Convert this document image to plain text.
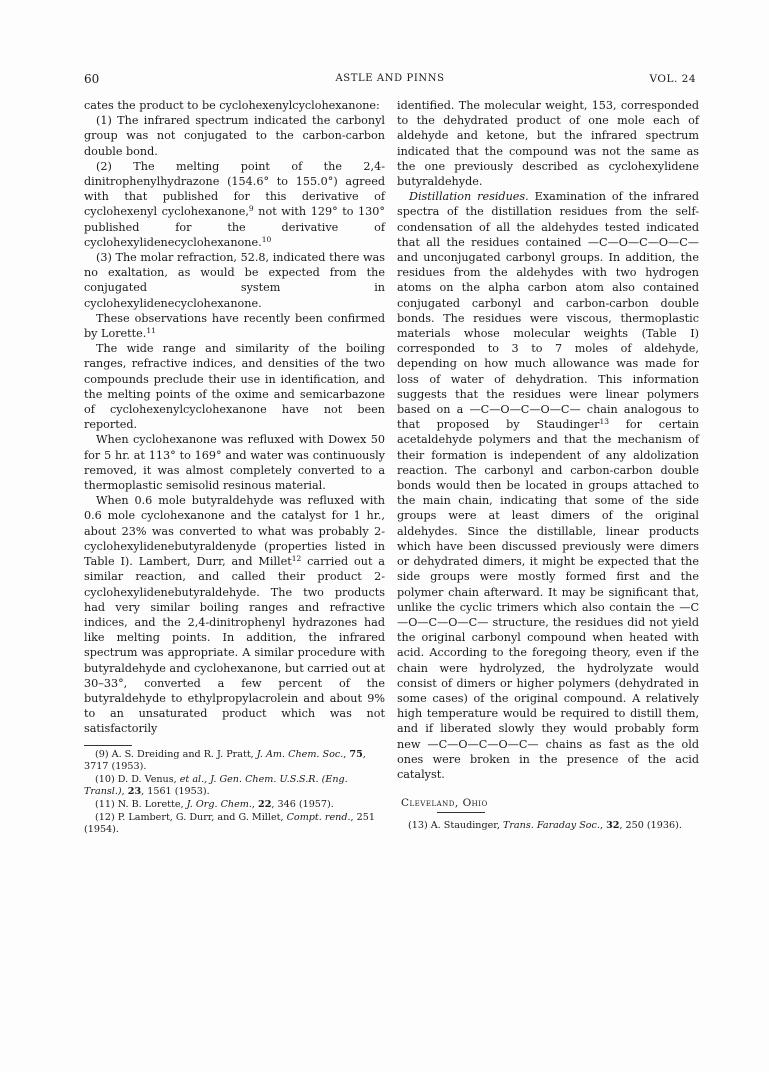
60	ASTLE AND PINNS	VOL. 24

cates the product to be cyclohexenylcyclohexanone:

(1) The infrared spectrum indicated the carbonyl group was not conjugated to the carbon-carbon double bond.

(2) The melting point of the 2,4-dinitrophenylhydrazone (154.6° to 155.0°) agreed with that published for this derivative of cyclohexenyl cyclohexanone,$^9$ not with 129° to 130° published for the derivative of cyclohexylidenecyclohexanone.$^{10}$

(3) The molar refraction, 52.8, indicated there was no exaltation, as would be expected from the conjugated system in cyclohexylidenecyclohexanone.

These observations have recently been confirmed by Lorette.$^{11}$

The wide range and similarity of the boiling ranges, refractive indices, and densities of the two compounds preclude their use in identification, and the melting points of the oxime and semicarbazone of cyclohexenylcyclohexanone have not been reported.

When cyclohexanone was refluxed with Dowex 50 for 5 hr. at 113° to 169° and water was continuously removed, it was almost completely converted to a thermoplastic semisolid resinous material.

When 0.6 mole butyraldehyde was refluxed with 0.6 mole cyclohexanone and the catalyst for 1 hr., about 23% was converted to what was probably 2-cyclohexylidenebutyraldenyde (properties listed in Table I). Lambert, Durr, and Millet$^{12}$ carried out a similar reaction, and called their product 2-cyclohexylidenebutyraldehyde. The two products had very similar boiling ranges and refractive indices, and the 2,4-dinitrophenyl hydrazones had like melting points. In addition, the infrared spectrum was appropriate. A similar procedure with butyraldehyde and cyclohexanone, but carried out at 30–33°, converted a few percent of the butyraldehyde to ethylpropylacrolein and about 9% to an unsaturated product which was not satisfactorily

(9) A. S. Dreiding and R. J. Pratt, J. Am. Chem. Soc., 75, 3717 (1953).

(10) D. D. Venus, et al., J. Gen. Chem. U.S.S.R. (Eng. Transl.), 23, 1561 (1953).

(11) N. B. Lorette, J. Org. Chem., 22, 346 (1957).

(12) P. Lambert, G. Durr, and G. Millet, Compt. rend., 251 (1954).

identified. The molecular weight, 153, corresponded to the dehydrated product of one mole each of aldehyde and ketone, but the infrared spectrum indicated that the compound was not the same as the one previously described as cyclohexylidene butyraldehyde.

Distillation residues. Examination of the infrared spectra of the distillation residues from the self-condensation of all the aldehydes tested indicated that all the residues contained —C—O—C—O—C— and unconjugated carbonyl groups. In addition, the residues from the aldehydes with two hydrogen atoms on the alpha carbon atom also contained conjugated carbonyl and carbon-carbon double bonds. The residues were viscous, thermoplastic materials whose molecular weights (Table I) corresponded to 3 to 7 moles of aldehyde, depending on how much allowance was made for loss of water of dehydration. This information suggests that the residues were linear polymers based on a —C—O—C—O—C— chain analogous to that proposed by Staudinger$^{13}$ for certain acetaldehyde polymers and that the mechanism of their formation is independent of any aldolization reaction. The carbonyl and carbon-carbon double bonds would then be located in groups attached to the main chain, indicating that some of the side groups were at least dimers of the original aldehydes. Since the distillable, linear products which have been discussed previously were dimers or dehydrated dimers, it might be expected that the side groups were mostly formed first and the polymer chain afterward. It may be significant that, unlike the cyclic trimers which also contain the —C—O—C—O—C— structure, the residues did not yield the original carbonyl compound when heated with acid. According to the foregoing theory, even if the chain were hydrolyzed, the hydrolyzate would consist of dimers or higher polymers (dehydrated in some cases) of the original compound. A relatively high temperature would be required to distill them, and if liberated slowly they would probably form new —C—O—C—O—C— chains as fast as the old ones were broken in the presence of the acid catalyst.

Cleveland, Ohio

(13) A. Staudinger, Trans. Faraday Soc., 32, 250 (1936).
